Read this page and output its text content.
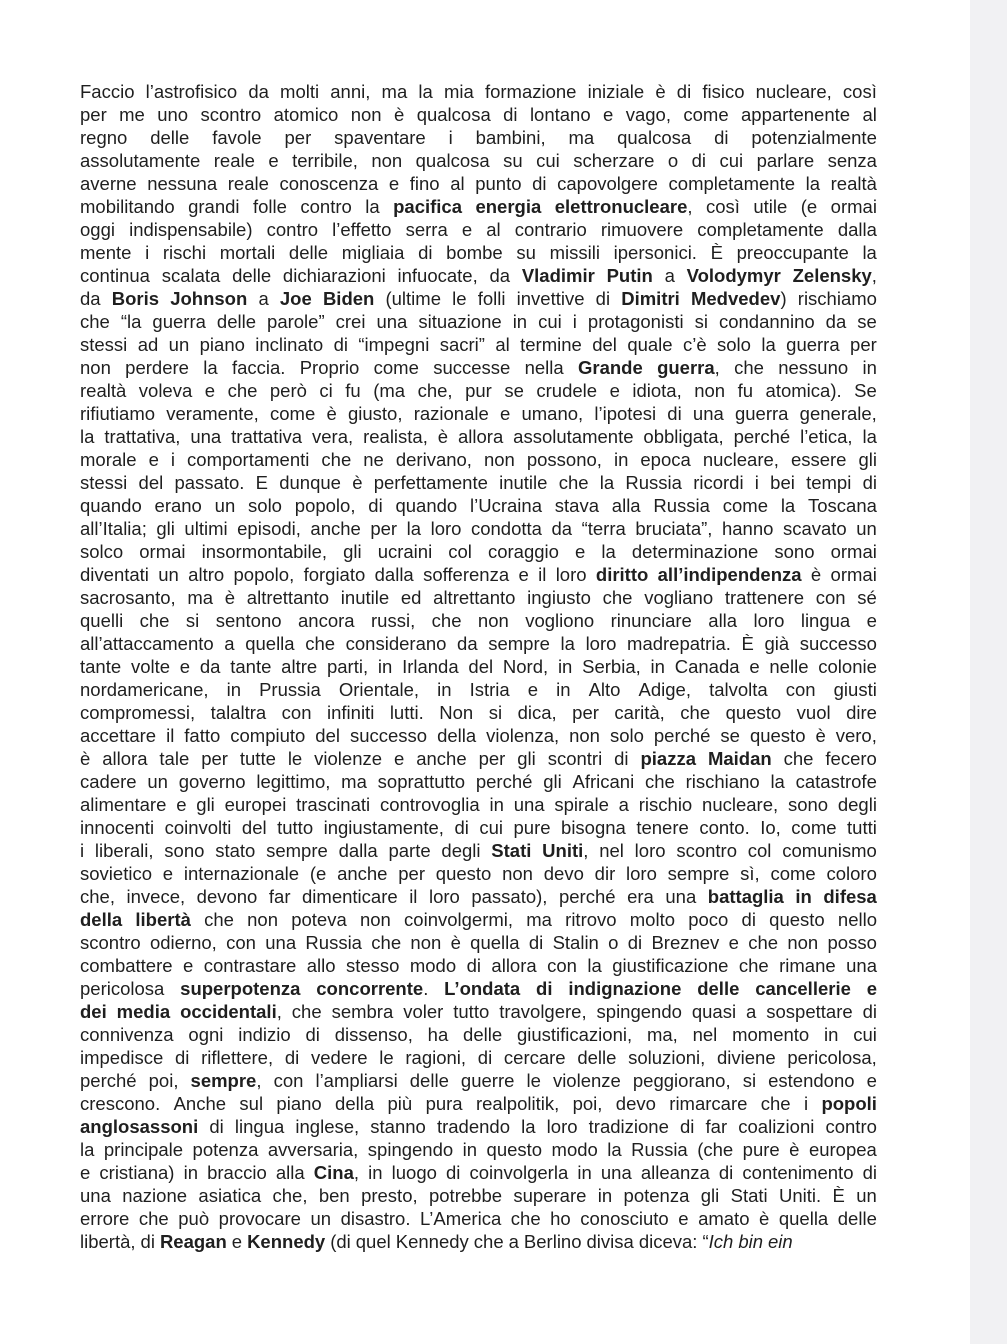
Faccio l’astrofisico da molti anni, ma la mia formazione iniziale è di fisico nucleare, così
per me uno scontro atomico non è qualcosa di lontano e vago, come appartenente al
regno delle favole per spaventare i bambini, ma qualcosa di potenzialmente
assolutamente reale e terribile, non qualcosa su cui scherzare o di cui parlare senza
averne nessuna reale conoscenza e fino al punto di capovolgere completamente la realtà
mobilitando grandi folle contro la pacifica energia elettronucleare, così utile (e ormai
oggi indispensabile) contro l’effetto serra e al contrario rimuovere completamente dalla
mente i rischi mortali delle migliaia di bombe su missili ipersonici. È preoccupante la
continua scalata delle dichiarazioni infuocate, da Vladimir Putin a Volodymyr Zelensky,
da Boris Johnson a Joe Biden (ultime le folli invettive di Dimitri Medvedev) rischiamo
che “la guerra delle parole” crei una situazione in cui i protagonisti si condannino da se
stessi ad un piano inclinato di “impegni sacri” al termine del quale c’è solo la guerra per
non perdere la faccia. Proprio come successe nella Grande guerra, che nessuno in
realtà voleva e che però ci fu (ma che, pur se crudele e idiota, non fu atomica). Se
rifiutiamo veramente, come è giusto, razionale e umano, l’ipotesi di una guerra generale,
la trattativa, una trattativa vera, realista, è allora assolutamente obbligata, perché l’etica, la
morale e i comportamenti che ne derivano, non possono, in epoca nucleare, essere gli
stessi del passato. E dunque è perfettamente inutile che la Russia ricordi i bei tempi di
quando erano un solo popolo, di quando l’Ucraina stava alla Russia come la Toscana
all’Italia; gli ultimi episodi, anche per la loro condotta da “terra bruciata”, hanno scavato un
solco ormai insormontabile, gli ucraini col coraggio e la determinazione sono ormai
diventati un altro popolo, forgiato dalla sofferenza e il loro diritto all’indipendenza è ormai
sacrosanto, ma è altrettanto inutile ed altrettanto ingiusto che vogliano trattenere con sé
quelli che si sentono ancora russi, che non vogliono rinunciare alla loro lingua e
all’attaccamento a quella che considerano da sempre la loro madrepatria. È già successo
tante volte e da tante altre parti, in Irlanda del Nord, in Serbia, in Canada e nelle colonie
nordamericane, in Prussia Orientale, in Istria e in Alto Adige, talvolta con giusti
compromessi, talaltra con infiniti lutti. Non si dica, per carità, che questo vuol dire
accettare il fatto compiuto del successo della violenza, non solo perché se questo è vero,
è allora tale per tutte le violenze e anche per gli scontri di piazza Maidan che fecero
cadere un governo legittimo, ma soprattutto perché gli Africani che rischiano la catastrofe
alimentare e gli europei trascinati controvoglia in una spirale a rischio nucleare, sono degli
innocenti coinvolti del tutto ingiustamente, di cui pure bisogna tenere conto. Io, come tutti
i liberali, sono stato sempre dalla parte degli Stati Uniti, nel loro scontro col comunismo
sovietico e internazionale (e anche per questo non devo dir loro sempre sì, come coloro
che, invece, devono far dimenticare il loro passato), perché era una battaglia in difesa
della libertà che non poteva non coinvolgermi, ma ritrovo molto poco di questo nello
scontro odierno, con una Russia che non è quella di Stalin o di Breznev e che non posso
combattere e contrastare allo stesso modo di allora con la giustificazione che rimane una
pericolosa superpotenza concorrente. L’ondata di indignazione delle cancellerie e
dei media occidentali, che sembra voler tutto travolgere, spingendo quasi a sospettare di
connivenza ogni indizio di dissenso, ha delle giustificazioni, ma, nel momento in cui
impedisce di riflettere, di vedere le ragioni, di cercare delle soluzioni, diviene pericolosa,
perché poi, sempre, con l’ampliarsi delle guerre le violenze peggiorano, si estendono e
crescono. Anche sul piano della più pura realpolitik, poi, devo rimarcare che i popoli
anglosassoni di lingua inglese, stanno tradendo la loro tradizione di far coalizioni contro
la principale potenza avversaria, spingendo in questo modo la Russia (che pure è europea
e cristiana) in braccio alla Cina, in luogo di coinvolgerla in una alleanza di contenimento di
una nazione asiatica che, ben presto, potrebbe superare in potenza gli Stati Uniti. È un
errore che può provocare un disastro. L’America che ho conosciuto e amato è quella delle
libertà, di Reagan e Kennedy (di quel Kennedy che a Berlino divisa diceva: “Ich bin ein
